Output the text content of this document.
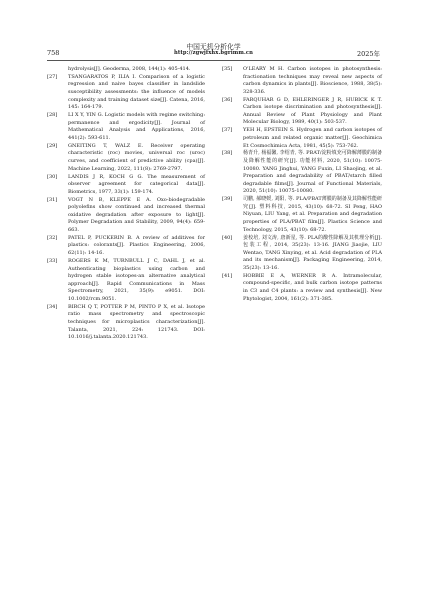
758
中国无机分析化学
http://zgwjfxhx.bgrimm.cn	2025年
hydrolysis[J]. Geoderma, 2008, 144(1): 405-414.
[27] TSANGARATOS P, ILIA I. Comparison of a logistic regression and naive bayes classifier in landslide susceptibility assessments: the influence of models complexity and training dataset size[J]. Catena, 2016, 145: 164-179.
[28] LI X Y, YIN G. Logistic models with regime switching: permanence and ergodicity[J]. Journal of Mathematical Analysis and Applications, 2016, 441(2): 593-611.
[29] GNEITING T, WALZ E. Receiver operating characteristic (roc) movies, universal roc (uroc) curves, and coefficient of predictive ability (cpa)[J]. Machine Learning, 2022, 111(8): 2769-2797.
[30] LANDIS J R, KOCH G G. The measurement of observer agreement for categorical data[J]. Biometrics, 1977, 33(1): 159-174.
[31] VOGT N B, KLEPPE E A. Oxo-biodegradable polyolefins show continued and increased thermal oxidative degradation after exposure to light[J]. Polymer Degradation and Stability, 2009, 94(4): 659-663.
[32] PATEL P, PUCKERIN B. A review of additives for plastics: colorants[J]. Plastics Engineering, 2006, 62(11): 14-16.
[33] ROGERS K M, TURNBULL J C, DAHL J, et al. Authenticating bioplastics using carbon and hydrogen stable isotopes-an alternative analytical approach[J]. Rapid Communications in Mass Spectrometry, 2021, 35(9): e9051. DOI: 10.1002/rcm.9051.
[34] BIRCH Q T, POTTER P M, PINTO P X, et al. Isotope ratio mass spectrometry and spectroscopic techniques for microplastics characterization[J]. Talanta, 2021, 224: 121743. DOI: 10.1016/j.talanta.2020.121743.
[35] O'LEARY M H. Carbon isotopes in photosynthesis: fractionation techniques may reveal new aspects of carbon dynamics in plants[J]. Bioscience, 1988, 38(5): 328-336.
[36] FARQUHAR G D, EHLERINGER J R, HUBICK K T. Carbon isotope discrimination and photosynthesis[J]. Annual Review of Plant Physiology and Plant Molecular Biology, 1989, 40(1): 503-537.
[37] YEH H, EPSTEIN S. Hydrogen and carbon isotopes of petroleum and related organic matter[J]. Geochimica Et Cosmochimica Acta, 1981, 45(5): 753-762.
[38] 杨青升, 杨福馨, 李绍青, 等. PBAT/淀粉填充可降解薄膜的制备及降解性能的研究[J]. 功能材料, 2020, 51(10): 10075-10080. YANG Jinghui, YANG Fuxin, LI Shaojing, et al. Preparation and degradability of PBAT/starch filled degradable films[J]. Journal of Functional Materials, 2020, 51(10): 10075-10080.
[39] 司鹏, 郝晓媛, 刘阳, 等. PLA/PBAT薄膜的制备及其降解性能研究[J]. 塑料科技, 2015, 43(10): 68-72. SI Peng, HAO Niyuan, LIU Yang, et al. Preparation and degradation properties of PLA/PBAT film[J]. Plastics Science and Technology, 2015, 43(10): 68-72.
[40] 姜校培, 刘文涛, 唐新星, 等. PLA的酸性降解及其机理分析[J]. 包装工程, 2014, 35(23): 13-16. JIANG Jiaojie, LIU Wentao, TANG Xinying, et al. Acid degradation of PLA and its mechanism[J]. Packaging Engineering, 2014, 35(23): 13-16.
[41] HOBBIE E A, WERNER R A. Intramolecular, compound-specific, and bulk carbon isotope patterns in C3 and C4 plants: a review and synthesis[J]. New Phytologist, 2004, 161(2): 371-385.
